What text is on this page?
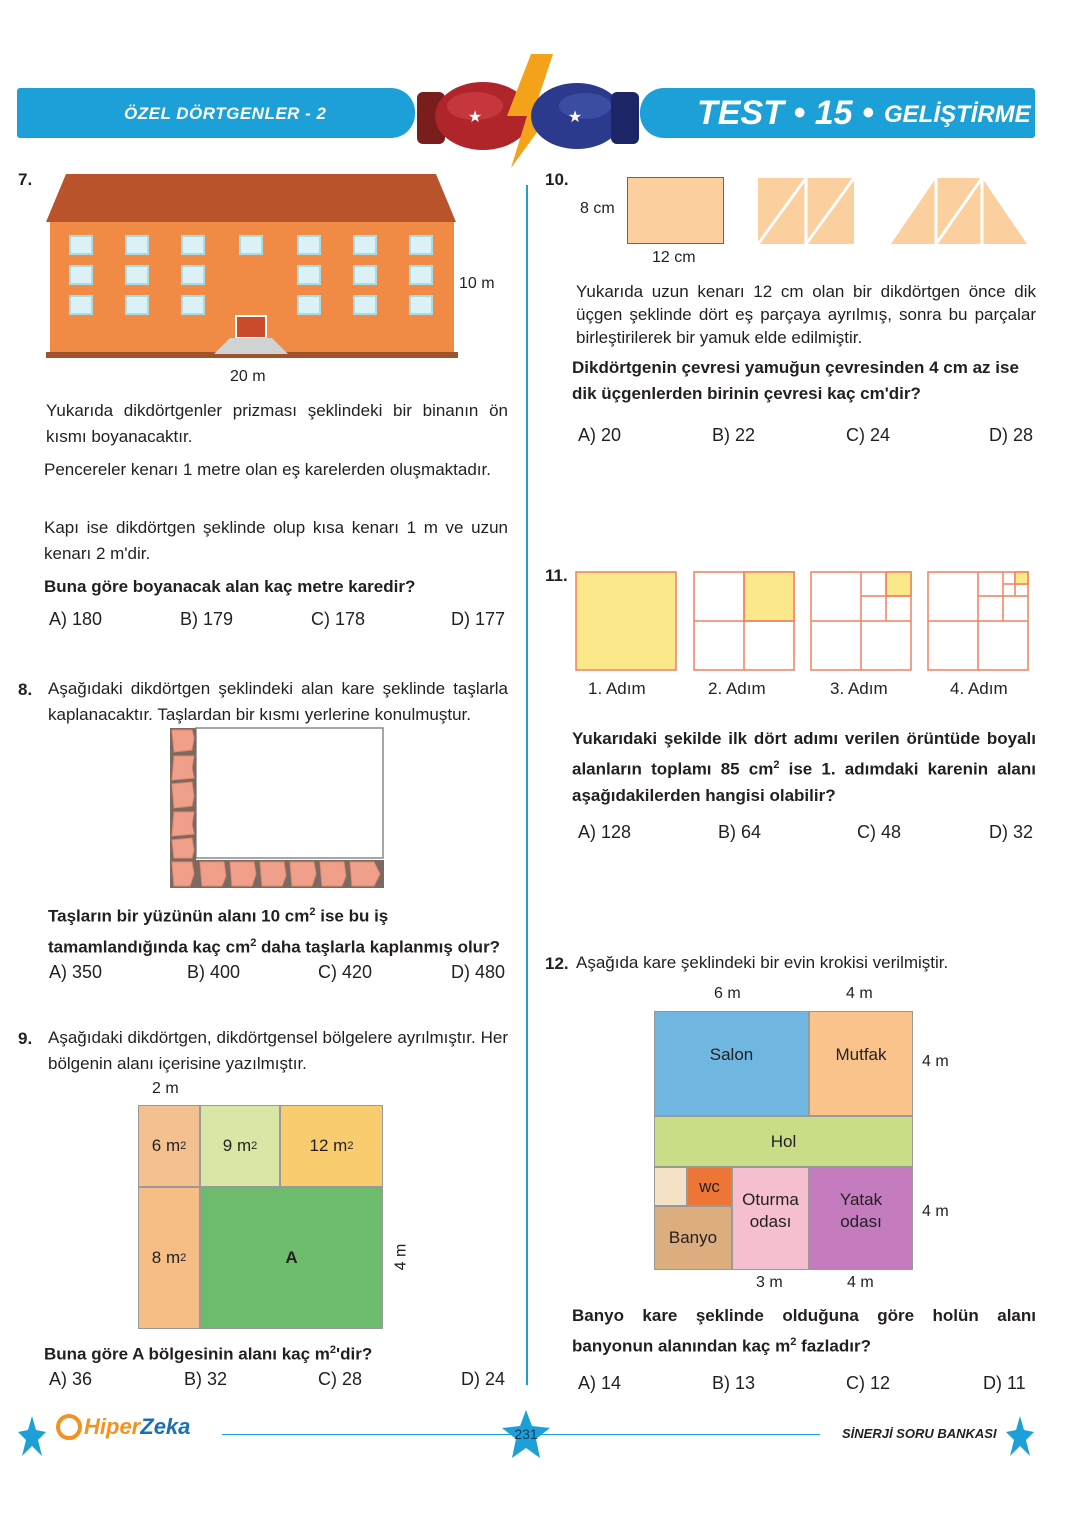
ÖZEL DÖRTGENLER - 2	TEST • 15 • GELİŞTİRME
★	★
7.
10 m
20 m
Yukarıda dikdörtgenler prizması şeklindeki bir binanın ön kısmı boyanacaktır.
Pencereler kenarı 1 metre olan eş karelerden oluşmaktadır.
Kapı ise dikdörtgen şeklinde olup kısa kenarı 1 m ve uzun kenarı 2 m'dir.
Buna göre boyanacak alan kaç metre karedir?
A) 180	B) 179	C) 178	D) 177
8. Aşağıdaki dikdörtgen şeklindeki alan kare şeklinde taşlarla kaplanacaktır. Taşlardan bir kısmı yerlerine konulmuştur.
Taşların bir yüzünün alanı 10 $cm^2$ ise bu iş tamamlandığında kaç $cm^2$ daha taşlarla kaplanmış olur?
A) 350	B) 400	C) 420	D) 480
9. Aşağıdaki dikdörtgen, dikdörtgensel bölgelere ayrılmıştır. Her bölgenin alanı içerisine yazılmıştır.
2 m
6 m 2 9 m 2	12 m 2
8 m 2	A	4 m
Buna göre A bölgesinin alanı kaç $m^2'dir$?
A) 36	B) 32	C) 28	D) 24
10.
8 cm
12 cm
Yukarıda uzun kenarı 12 cm olan bir dikdörtgen önce dik üçgen şeklinde dört eş parçaya ayrılmış, sonra bu parçalar birleştirilerek bir yamuk elde edilmiştir.
Dikdörtgenin çevresi yamuğun çevresinden 4 cm az ise dik üçgenlerden birinin çevresi kaç cm'dir?
A) 20	B) 22	C) 24	D) 28
11.
1. Adım	2. Adım	3. Adım	4. Adım
Yukarıdaki şekilde ilk dört adımı verilen örüntüde boyalı alanların toplamı 85 $cm^2$ ise 1. adımdaki karenin alanı aşağıdakilerden hangisi olabilir?
A) 128	B) 64	C) 48	D) 32
12. Aşağıda kare şeklindeki bir evin krokisi verilmiştir.
6 m	4 m
Salon	Mutfak
Hol
wc
Banyo
Oturma
odası
Yatak
odası
4 m
4 m
3 m	4 m
Banyo kare şeklinde olduğuna göre holün alanı banyonun alanından kaç $m^2$ fazladır?
A) 14	B) 13	C) 12	D) 11
Hiper Zeka	231	SİNERJİ SORU BANKASI
